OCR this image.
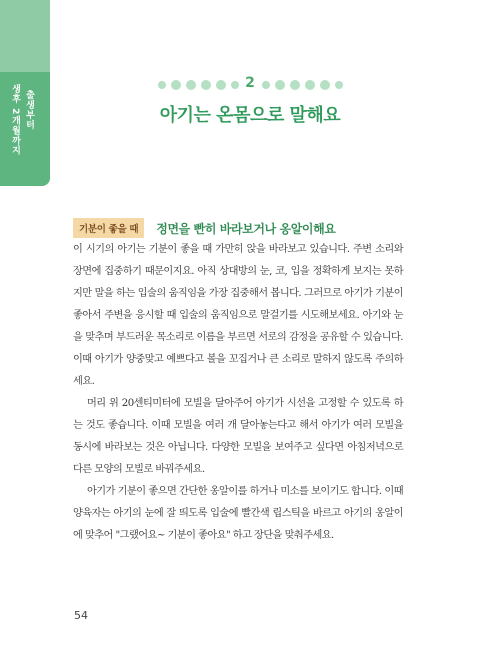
출생부터
생후 2개월까지
2
아기는 온몸으로 말해요
기분이 좋을 때	정면을 빤히 바라보거나 옹알이해요

이 시기의 아기는 기분이 좋을 때 가만히 앉을 바라보고 있습니다. 주변 소리와 장면에 집중하기 때문이지요. 아직 상대방의 눈, 코, 입을 정확하게 보지는 못하지만 말을 하는 입술의 움직임을 가장 집중해서 봅니다. 그러므로 아기가 기분이 좋아서 주변을 응시할 때 입술의 움직임으로 말걸기를 시도해보세요. 아기와 눈을 맞추며 부드러운 목소리로 이름을 부르면 서로의 감정을 공유할 수 있습니다. 이때 아기가 양중맞고 예쁘다고 볼을 꼬집거나 큰 소리로 말하지 않도록 주의하세요.

머리 위 20센티미터에 모빌을 달아주어 아기가 시선을 고정할 수 있도록 하는 것도 좋습니다. 이때 모빌을 여러 개 달아놓는다고 해서 아기가 여러 모빌을 동시에 바라보는 것은 아닙니다. 다양한 모빌을 보여주고 싶다면 아침저녁으로 다른 모양의 모빌로 바꿔주세요.

아기가 기분이 좋으면 간단한 옹알이를 하거나 미소를 보이기도 합니다. 이때 양육자는 아기의 눈에 잘 띄도록 입술에 빨간색 립스틱을 바르고 아기의 옹알이에 맞추어 "그랬어요~ 기분이 좋아요" 하고 장단을 맞춰주세요.

54
